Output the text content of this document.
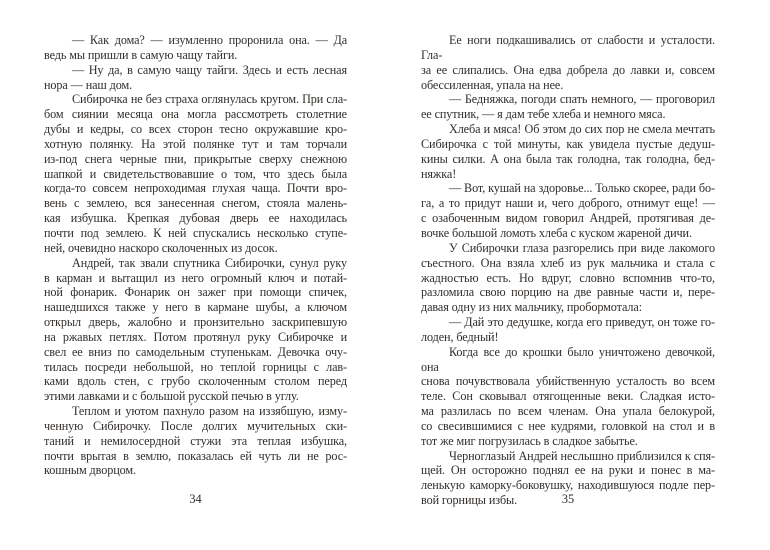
— Как дома? — изумленно проронила она. — Да
ведь мы пришли в самую чащу тайги.
— Ну да, в самую чащу тайги. Здесь и есть лесная
нора — наш дом.
Сибирочка не без страха оглянулась кругом. При сла-
бом сиянии месяца она могла рассмотреть столетние
дубы и кедры, со всех сторон тесно окружавшие кро-
хотную полянку. На этой полянке тут и там торчали
из-под снега черные пни, прикрытые сверху снежною
шапкой и свидетельствовавшие о том, что здесь была
когда-то совсем непроходимая глухая чаща. Почти вро-
вень с землею, вся занесенная снегом, стояла малень-
кая избушка. Крепкая дубовая дверь ее находилась
почти под землею. К ней спускались несколько ступе-
ней, очевидно наскоро сколоченных из досок.
Андрей, так звали спутника Сибирочки, сунул руку
в карман и вытащил из него огромный ключ и потай-
ной фонарик. Фонарик он зажег при помощи спичек,
нашедшихся также у него в кармане шубы, а ключом
открыл дверь, жалобно и пронзительно заскрипевшую
на ржавых петлях. Потом протянул руку Сибирочке и
свел ее вниз по самодельным ступенькам. Девочка очу-
тилась посреди небольшой, но теплой горницы с лав-
ками вдоль стен, с грубо сколоченным столом перед
этими лавками и с большой русской печью в углу.
Теплом и уютом пахну́ло разом на иззябшую, изму-
ченную Сибирочку. После долгих мучительных ски-
таний и немилосердной стужи эта теплая избушка,
почти врытая в землю, показалась ей чуть ли не рос-
кошным дворцом.
34
Ее ноги подкашивались от слабости и усталости. Гла-
за ее слипались. Она едва добрела до лавки и, совсем
обессиленная, упала на нее.
— Бедняжка, погоди спать немного, — проговорил
ее спутник, — я дам тебе хлеба и немного мяса.
Хлеба и мяса! Об этом до сих пор не смела мечтать
Сибирочка с той минуты, как увидела пустые дедуш-
кины силки. А она была так голодна, так голодна, бед-
няжка!
— Вот, кушай на здоровье... Только скорее, ради бо-
га, а то придут наши и, чего доброго, отнимут еще! —
с озабоченным видом говорил Андрей, протягивая де-
вочке большой ломоть хлеба с куском жареной дичи.
У Сибирочки глаза разгорелись при виде лакомого
съестного. Она взяла хлеб из рук мальчика и стала с
жадностью есть. Но вдруг, словно вспомнив что-то,
разломила свою порцию на две равные части и, пере-
давая одну из них мальчику, пробормотала:
— Дай это дедушке, когда его приведут, он тоже го-
лоден, бедный!
Когда все до крошки было уничтожено девочкой, она
снова почувствовала убийственную усталость во всем
теле. Сон сковывал отягощенные веки. Сладкая исто-
ма разлилась по всем членам. Она упала белокурой,
со свесившимися с нее кудрями, головкой на стол и в
тот же миг погрузилась в сладкое забытье.
Черноглазый Андрей неслышно приблизился к спя-
щей. Он осторожно поднял ее на руки и понес в ма-
ленькую каморку-боковушку, находившуюся подле пер-
вой горницы избы.	35
